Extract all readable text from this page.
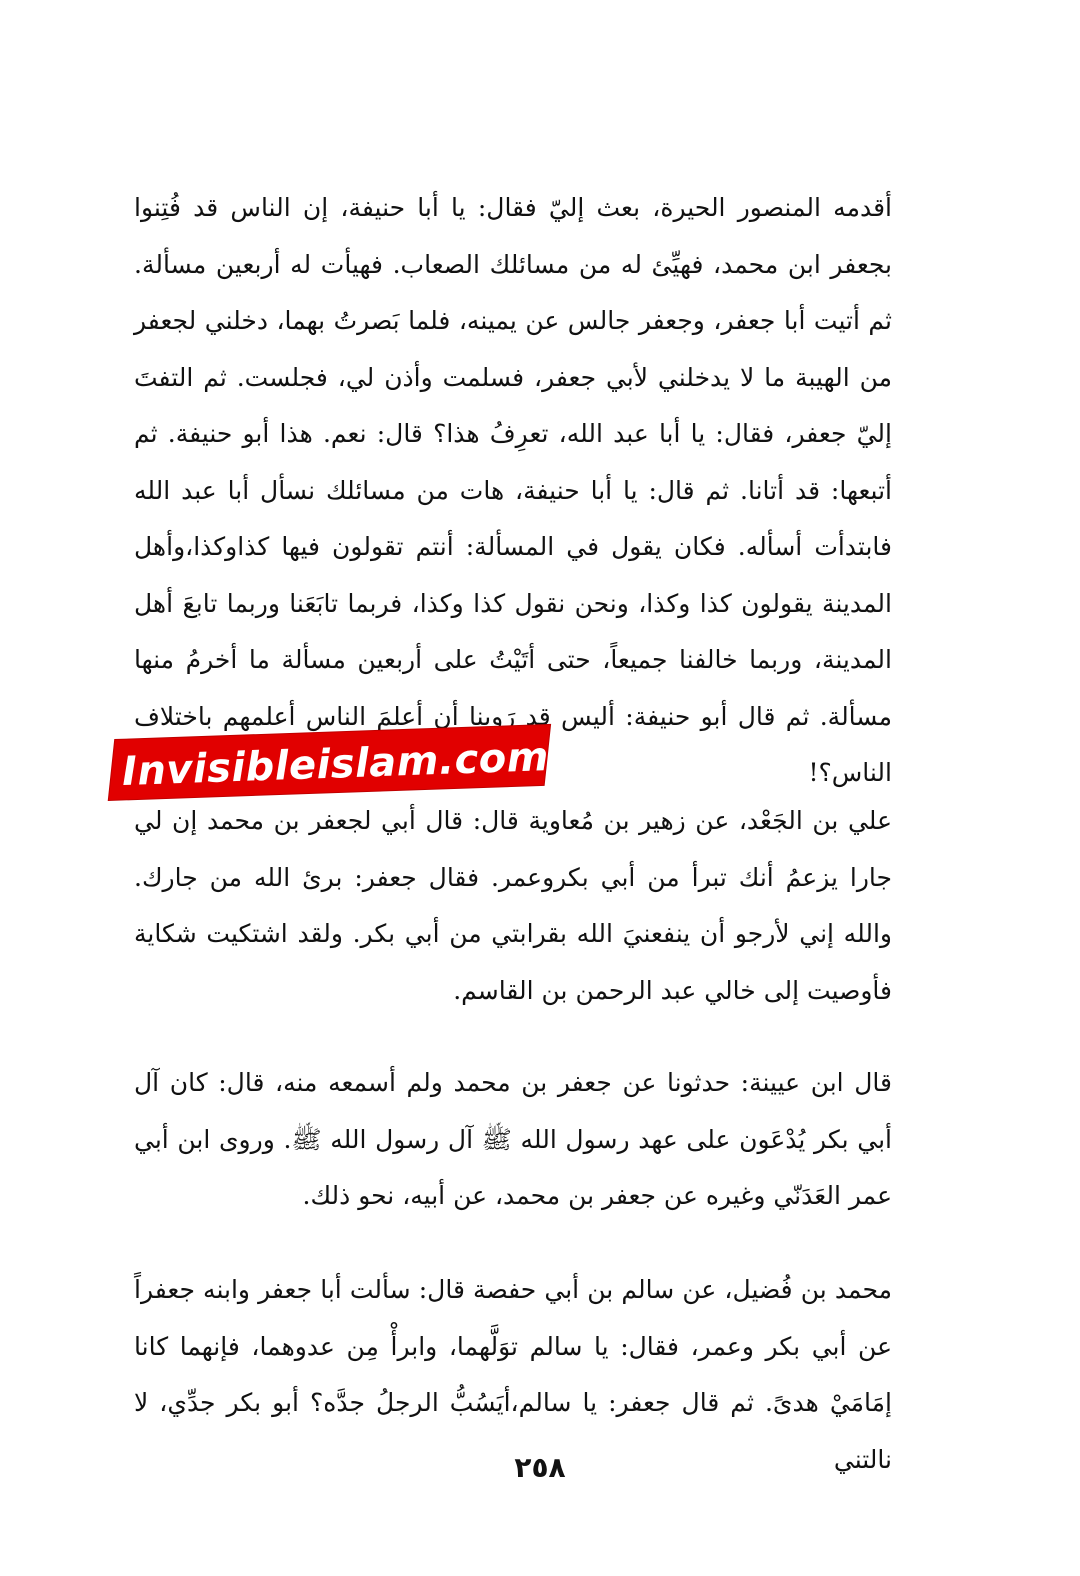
أقدمه المنصور الحيرة، بعث إليّ فقال: يا أبا حنيفة، إن الناس قد فُتِنوا بجعفر ابن محمد، فهيِّئ له من مسائلك الصعاب. فهيأت له أربعين مسألة. ثم أتيت أبا جعفر، وجعفر جالس عن يمينه، فلما بَصرتُ بهما، دخلني لجعفر من الهيبة ما لا يدخلني لأبي جعفر، فسلمت وأذن لي، فجلست. ثم التفتَ إليّ جعفر، فقال: يا أبا عبد الله، تعرِفُ هذا؟ قال: نعم. هذا أبو حنيفة. ثم أتبعها: قد أتانا. ثم قال: يا أبا حنيفة، هات من مسائلك نسأل أبا عبد الله فابتدأت أسأله. فكان يقول في المسألة: أنتم تقولون فيها كذاوكذا،وأهل المدينة يقولون كذا وكذا، ونحن نقول كذا وكذا، فربما تابَعَنا وربما تابعَ أهل المدينة، وربما خالفنا جميعاً، حتى أتَيْتُ على أربعين مسألة ما أخرمُ منها مسألة. ثم قال أبو حنيفة: أليس قد رَوينا أن أعلمَ الناس أعلمهم باختلاف الناس؟!

Invisibleislam.com

علي بن الجَعْد، عن زهير بن مُعاوية قال: قال أبي لجعفر بن محمد إن لي جارا يزعمُ أنك تبرأ من أبي بكروعمر. فقال جعفر: برئ الله من جارك. والله إني لأرجو أن ينفعنيَ الله بقرابتي من أبي بكر. ولقد اشتكيت شكاية فأوصيت إلى خالي عبد الرحمن بن القاسم.

قال ابن عيينة: حدثونا عن جعفر بن محمد ولم أسمعه منه، قال: كان آل أبي بكر يُدْعَون على عهد رسول الله ﷺ آل رسول الله ﷺ. وروى ابن أبي عمر العَدَنّي وغيره عن جعفر بن محمد، عن أبيه، نحو ذلك.

محمد بن فُضيل، عن سالم بن أبي حفصة قال: سألت أبا جعفر وابنه جعفراً عن أبي بكر وعمر، فقال: يا سالم توَلَّهما، وابرأْ مِن عدوهما، فإنهما كانا إمَامَيْ هدىً. ثم قال جعفر: يا سالم،أيَسُبُّ الرجلُ جدَّه؟ أبو بكر جدِّي، لا نالتني

٢٥٨
